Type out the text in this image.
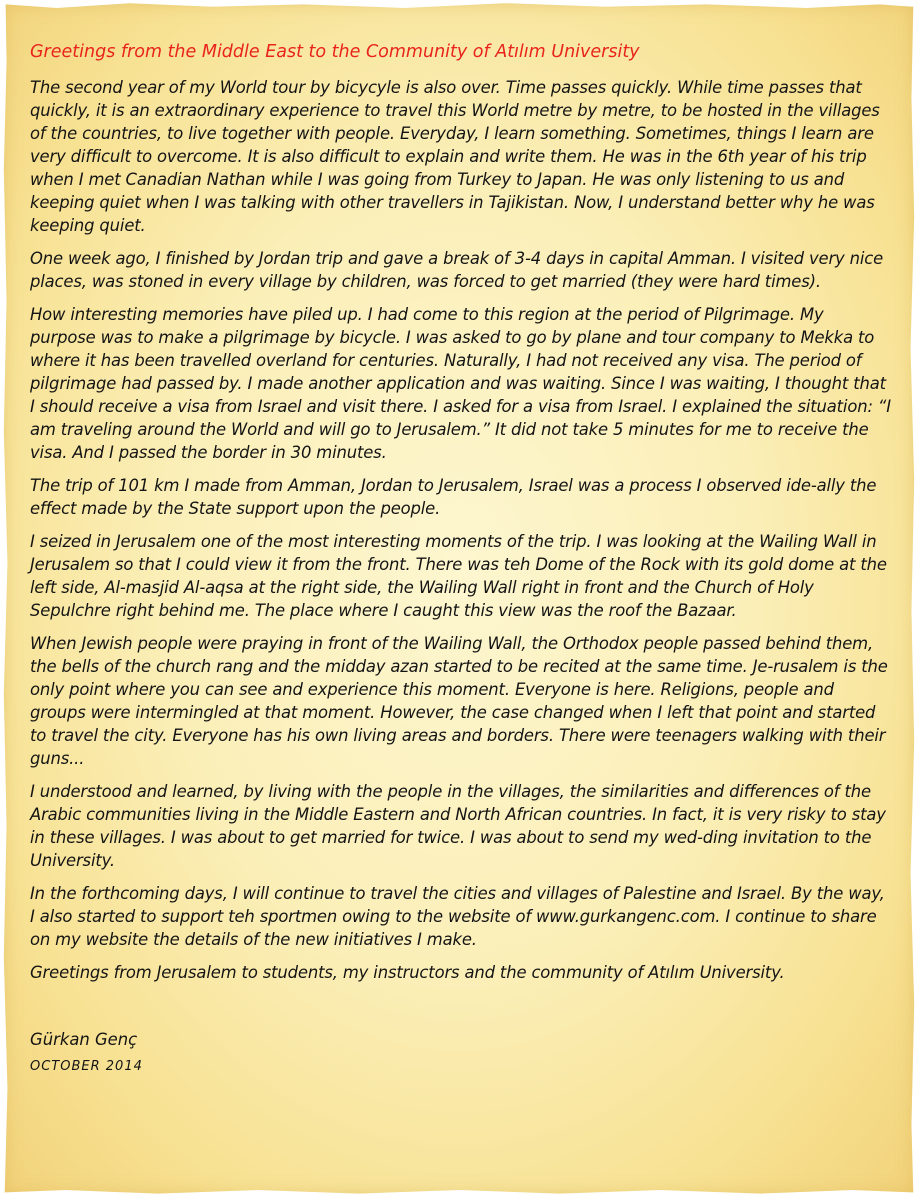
Greetings from the Middle East to the Community of Atılım University

The second year of my World tour by bicycyle is also over. Time passes quickly. While time passes that quickly, it is an extraordinary experience to travel this World metre by metre, to be hosted in the villages of the countries, to live together with people. Everyday, I learn something. Sometimes, things I learn are very difficult to overcome. It is also difficult to explain and write them. He was in the 6th year of his trip when I met Canadian Nathan while I was going from Turkey to Japan. He was only listening to us and keeping quiet when I was talking with other travellers in Tajikistan. Now, I understand better why he was keeping quiet.

One week ago, I finished by Jordan trip and gave a break of 3-4 days in capital Amman. I visited very nice places, was stoned in every village by children, was forced to get married (they were hard times).

How interesting memories have piled up. I had come to this region at the period of Pilgrimage. My purpose was to make a pilgrimage by bicycle. I was asked to go by plane and tour company to Mekka to where it has been travelled overland for centuries. Naturally, I had not received any visa. The period of pilgrimage had passed by. I made another application and was waiting. Since I was waiting, I thought that I should receive a visa from Israel and visit there. I asked for a visa from Israel. I explained the situation: “I am traveling around the World and will go to Jerusalem.” It did not take 5 minutes for me to receive the visa. And I passed the border in 30 minutes.

The trip of 101 km I made from Amman, Jordan to Jerusalem, Israel was a process I observed ide-ally the effect made by the State support upon the people.

I seized in Jerusalem one of the most interesting moments of the trip. I was looking at the Wailing Wall in Jerusalem so that I could view it from the front. There was teh Dome of the Rock with its gold dome at the left side, Al-masjid Al-aqsa at the right side, the Wailing Wall right in front and the Church of Holy Sepulchre right behind me. The place where I caught this view was the roof the Bazaar.

When Jewish people were praying in front of the Wailing Wall, the Orthodox people passed behind them, the bells of the church rang and the midday azan started to be recited at the same time. Je-rusalem is the only point where you can see and experience this moment. Everyone is here. Religions, people and groups were intermingled at that moment. However, the case changed when I left that point and started to travel the city. Everyone has his own living areas and borders. There were teenagers walking with their guns...

I understood and learned, by living with the people in the villages, the similarities and differences of the Arabic communities living in the Middle Eastern and North African countries. In fact, it is very risky to stay in these villages. I was about to get married for twice. I was about to send my wed-ding invitation to the University.

In the forthcoming days, I will continue to travel the cities and villages of Palestine and Israel. By the way, I also started to support teh sportmen owing to the website of www.gurkangenc.com. I continue to share on my website the details of the new initiatives I make.

Greetings from Jerusalem to students, my instructors and the community of Atılım University.

Gürkan Genç

OCTOBER 2014
